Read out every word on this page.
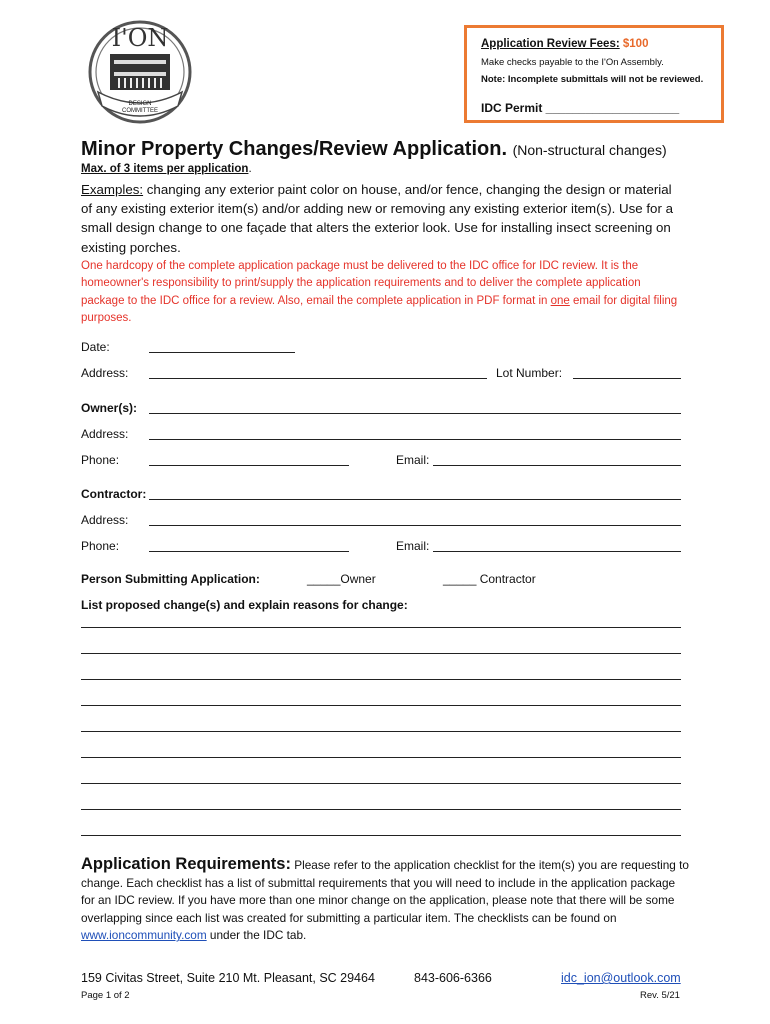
I'ON
DESIGN
COMMITTEE
Application Review Fees: $100
Make checks payable to the I'On Assembly.
Note: Incomplete submittals will not be reviewed.
IDC Permit ____________________
Minor Property Changes/Review Application. (Non-structural changes)
Max. of 3 items per application.
Examples: changing any exterior paint color on house, and/or fence, changing the design or material of any existing exterior item(s) and/or adding new or removing any existing exterior item(s). Use for a small design change to one façade that alters the exterior look. Use for installing insect screening on existing porches.
One hardcopy of the complete application package must be delivered to the IDC office for IDC review. It is the homeowner's responsibility to print/supply the application requirements and to deliver the complete application package to the IDC office for a review. Also, email the complete application in PDF format in one email for digital filing purposes.
Date:
Address:	Lot Number:
Owner(s):
Address:
Phone:	Email:
Contractor:
Address:
Phone:	Email:
Person Submitting Application:	_____Owner	_____ Contractor
List proposed change(s) and explain reasons for change:
Application Requirements: Please refer to the application checklist for the item(s) you are requesting to change. Each checklist has a list of submittal requirements that you will need to include in the application package for an IDC review. If you have more than one minor change on the application, please note that there will be some overlapping since each list was created for submitting a particular item. The checklists can be found on www.ioncommunity.com under the IDC tab.
159 Civitas Street, Suite 210 Mt. Pleasant, SC 29464	843-606-6366	idc_ion@outlook.com
Page 1 of 2	Rev. 5/21
